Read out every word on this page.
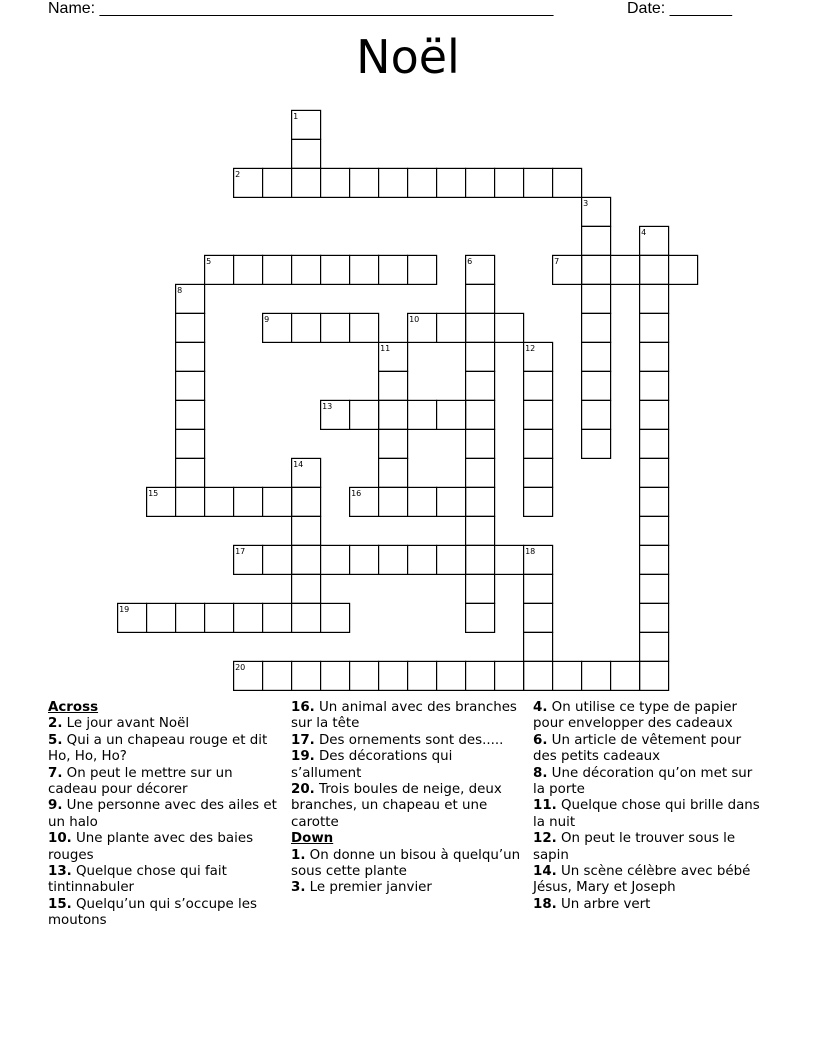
Name: ___________________________________________________	Date: _______
Noël
1
2
3
4
5	6	7
8
9	10
11	12
13
14
15	16
17	18
19
20
Across
2. Le jour avant Noël
5. Qui a un chapeau rouge et dit Ho, Ho, Ho?
7. On peut le mettre sur un cadeau pour décorer
9. Une personne avec des ailes et un halo
10. Une plante avec des baies rouges
13. Quelque chose qui fait tintinnabuler
15. Quelqu’un qui s’occupe les moutons
16. Un animal avec des branches sur la tête
17. Des ornements sont des.....
19. Des décorations qui s’allument
20. Trois boules de neige, deux branches, un chapeau et une carotte
Down
1. On donne un bisou à quelqu’un sous cette plante
3. Le premier janvier
4. On utilise ce type de papier pour envelopper des cadeaux
6. Un article de vêtement pour des petits cadeaux
8. Une décoration qu’on met sur la porte
11. Quelque chose qui brille dans la nuit
12. On peut le trouver sous le sapin
14. Un scène célèbre avec bébé Jésus, Mary et Joseph
18. Un arbre vert
